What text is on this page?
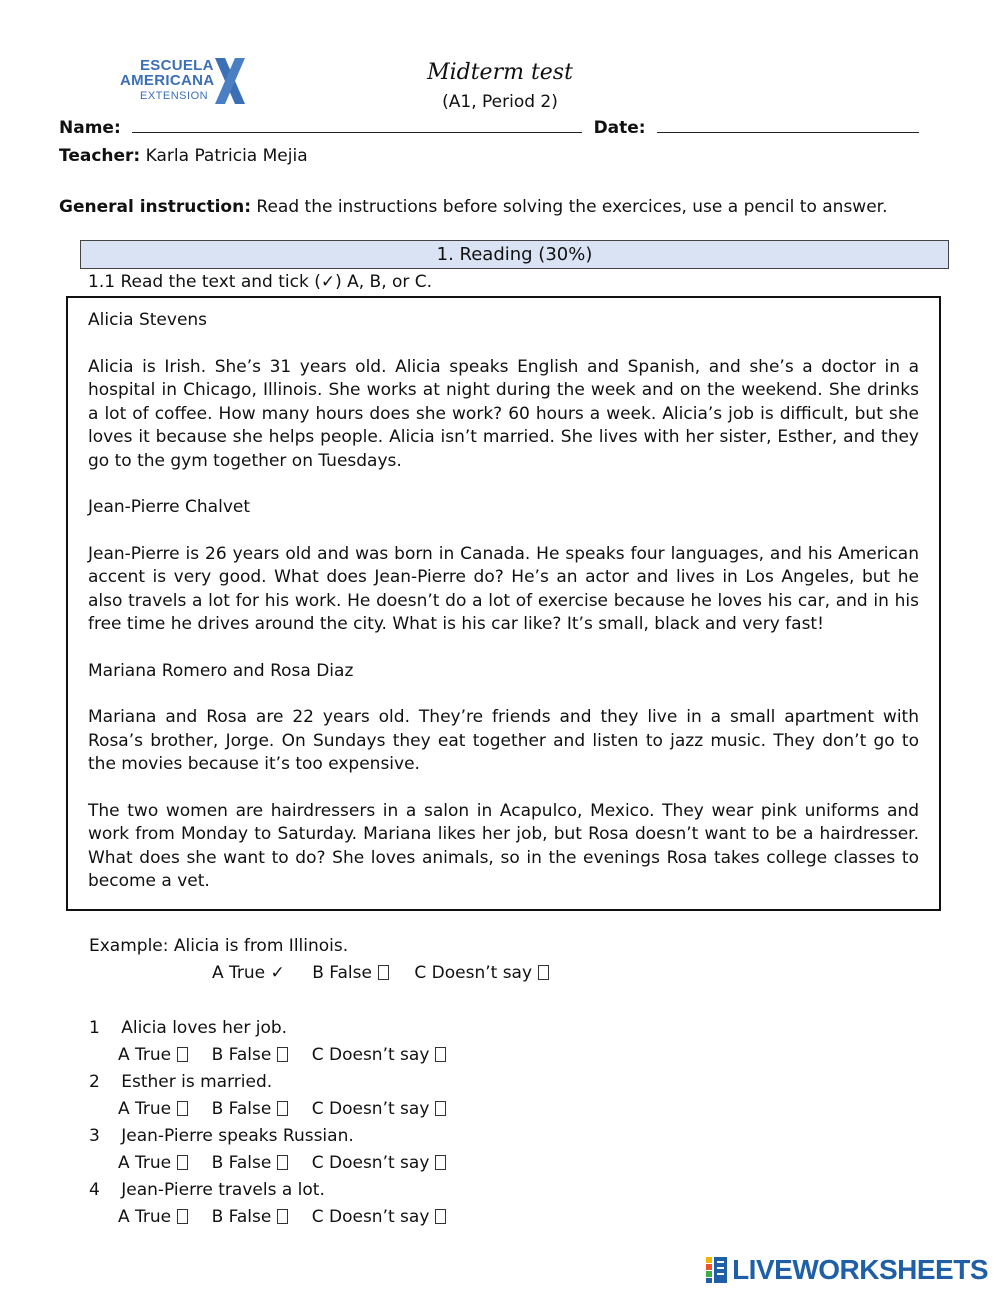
ESCUELA
AMERICANA
EXTENSION
Midterm test
(A1, Period 2)
Name:	Date:
Teacher: Karla Patricia Mejia
General instruction: Read the instructions before solving the exercices, use a pencil to answer.
1. Reading (30%)
1.1 Read the text and tick (✓) A, B, or C.

Alicia Stevens

Alicia is Irish. She’s 31 years old. Alicia speaks English and Spanish, and she’s a doctor in a hospital in Chicago, Illinois. She works at night during the week and on the weekend. She drinks a lot of coffee. How many hours does she work? 60 hours a week. Alicia’s job is difficult, but she loves it because she helps people. Alicia isn’t married. She lives with her sister, Esther, and they go to the gym together on Tuesdays.

Jean-Pierre Chalvet

Jean-Pierre is 26 years old and was born in Canada. He speaks four languages, and his American accent is very good. What does Jean-Pierre do? He’s an actor and lives in Los Angeles, but he also travels a lot for his work. He doesn’t do a lot of exercise because he loves his car, and in his free time he drives around the city. What is his car like? It’s small, black and very fast!

Mariana Romero and Rosa Diaz

Mariana and Rosa are 22 years old. They’re friends and they live in a small apartment with Rosa’s brother, Jorge. On Sundays they eat together and listen to jazz music. They don’t go to the movies because it’s too expensive.

The two women are hairdressers in a salon in Acapulco, Mexico. They wear pink uniforms and work from Monday to Saturday. Mariana likes her job, but Rosa doesn’t want to be a hairdresser. What does she want to do? She loves animals, so in the evenings Rosa takes college classes to become a vet.

Example: Alicia is from Illinois.
A True ✓ B False C Doesn’t say
1 Alicia loves her job.
A True B False C Doesn’t say
2 Esther is married.
A True B False C Doesn’t say
3 Jean-Pierre speaks Russian.
A True B False C Doesn’t say
4 Jean-Pierre travels a lot.
A True B False C Doesn’t say
LIVEWORKSHEETS
